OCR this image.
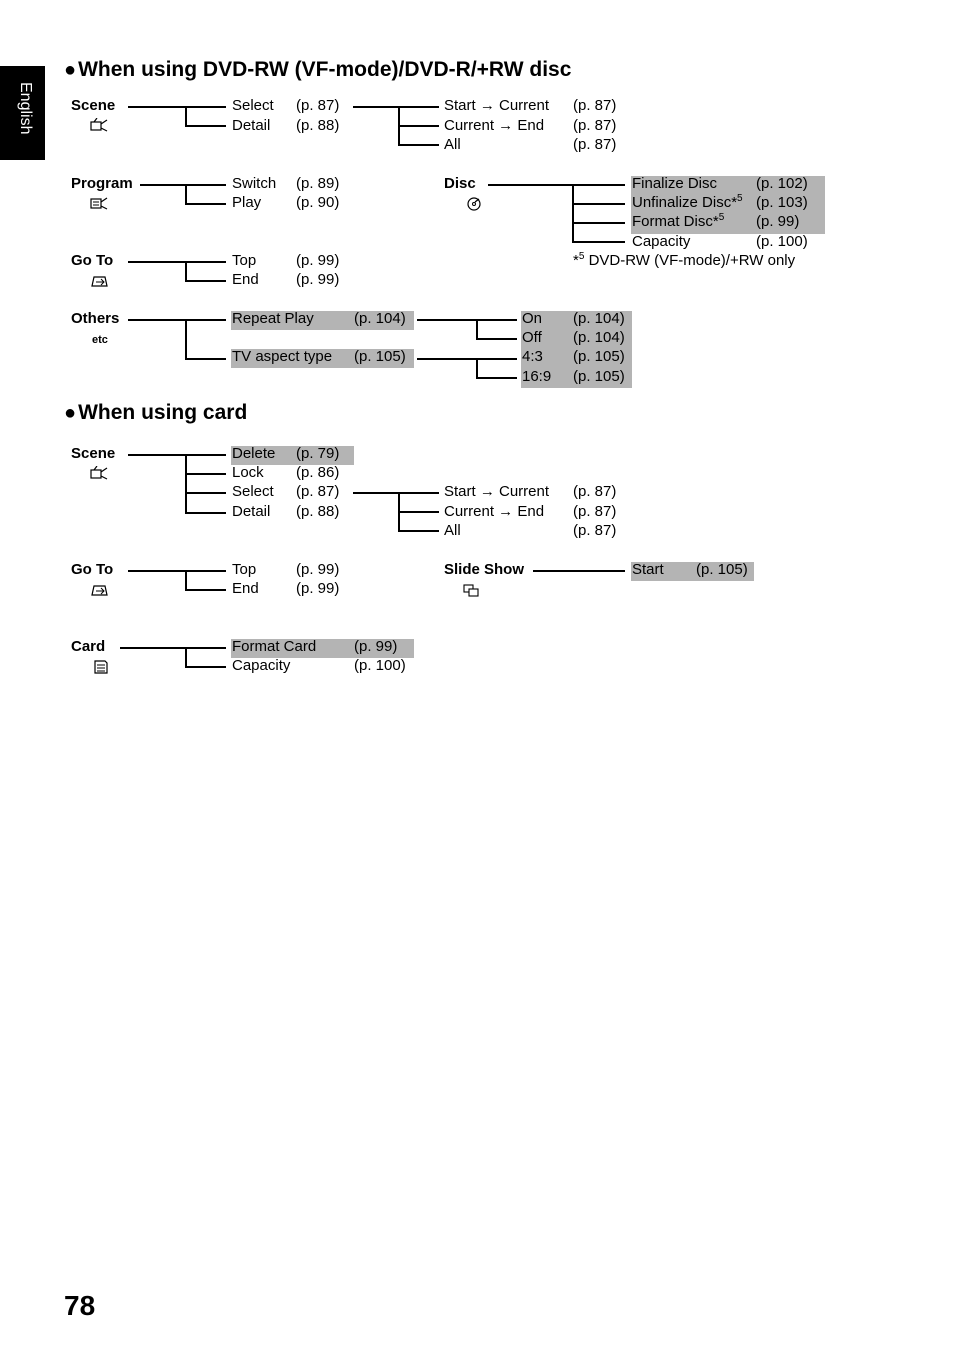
English
●When using DVD-RW (VF-mode)/DVD-R/+RW disc
Scene	Select (p. 87)
Detail (p. 88)
Start → Current (p. 87)
Current → End (p. 87)
All	(p. 87)
Program	Switch (p. 89)
Play (p. 90)
Disc	Finalize Disc	(p. 102)
Unfinalize Disc*$^5$ (p. 103)
Format Disc*$^5$ (p. 99)
Capacity	(p. 100)
*$^5$ DVD-RW (VF-mode)/+RW only
Go To	Top	(p. 99)
End (p. 99)
Others
etc
Repeat Play	(p. 104)
TV aspect type (p. 105)
On (p. 104)
Off (p. 104)
4:3 (p. 105)
16:9 (p. 105)
●When using card
Scene	Delete (p. 79)
Lock (p. 86)
Select (p. 87)
Detail (p. 88)
Start → Current (p. 87)
Current → End (p. 87)
All	(p. 87)
Go To	Top	(p. 99)
End (p. 99)
Slide Show	Start (p. 105)
Card	Format Card	(p. 99)
Capacity	(p. 100)
78
